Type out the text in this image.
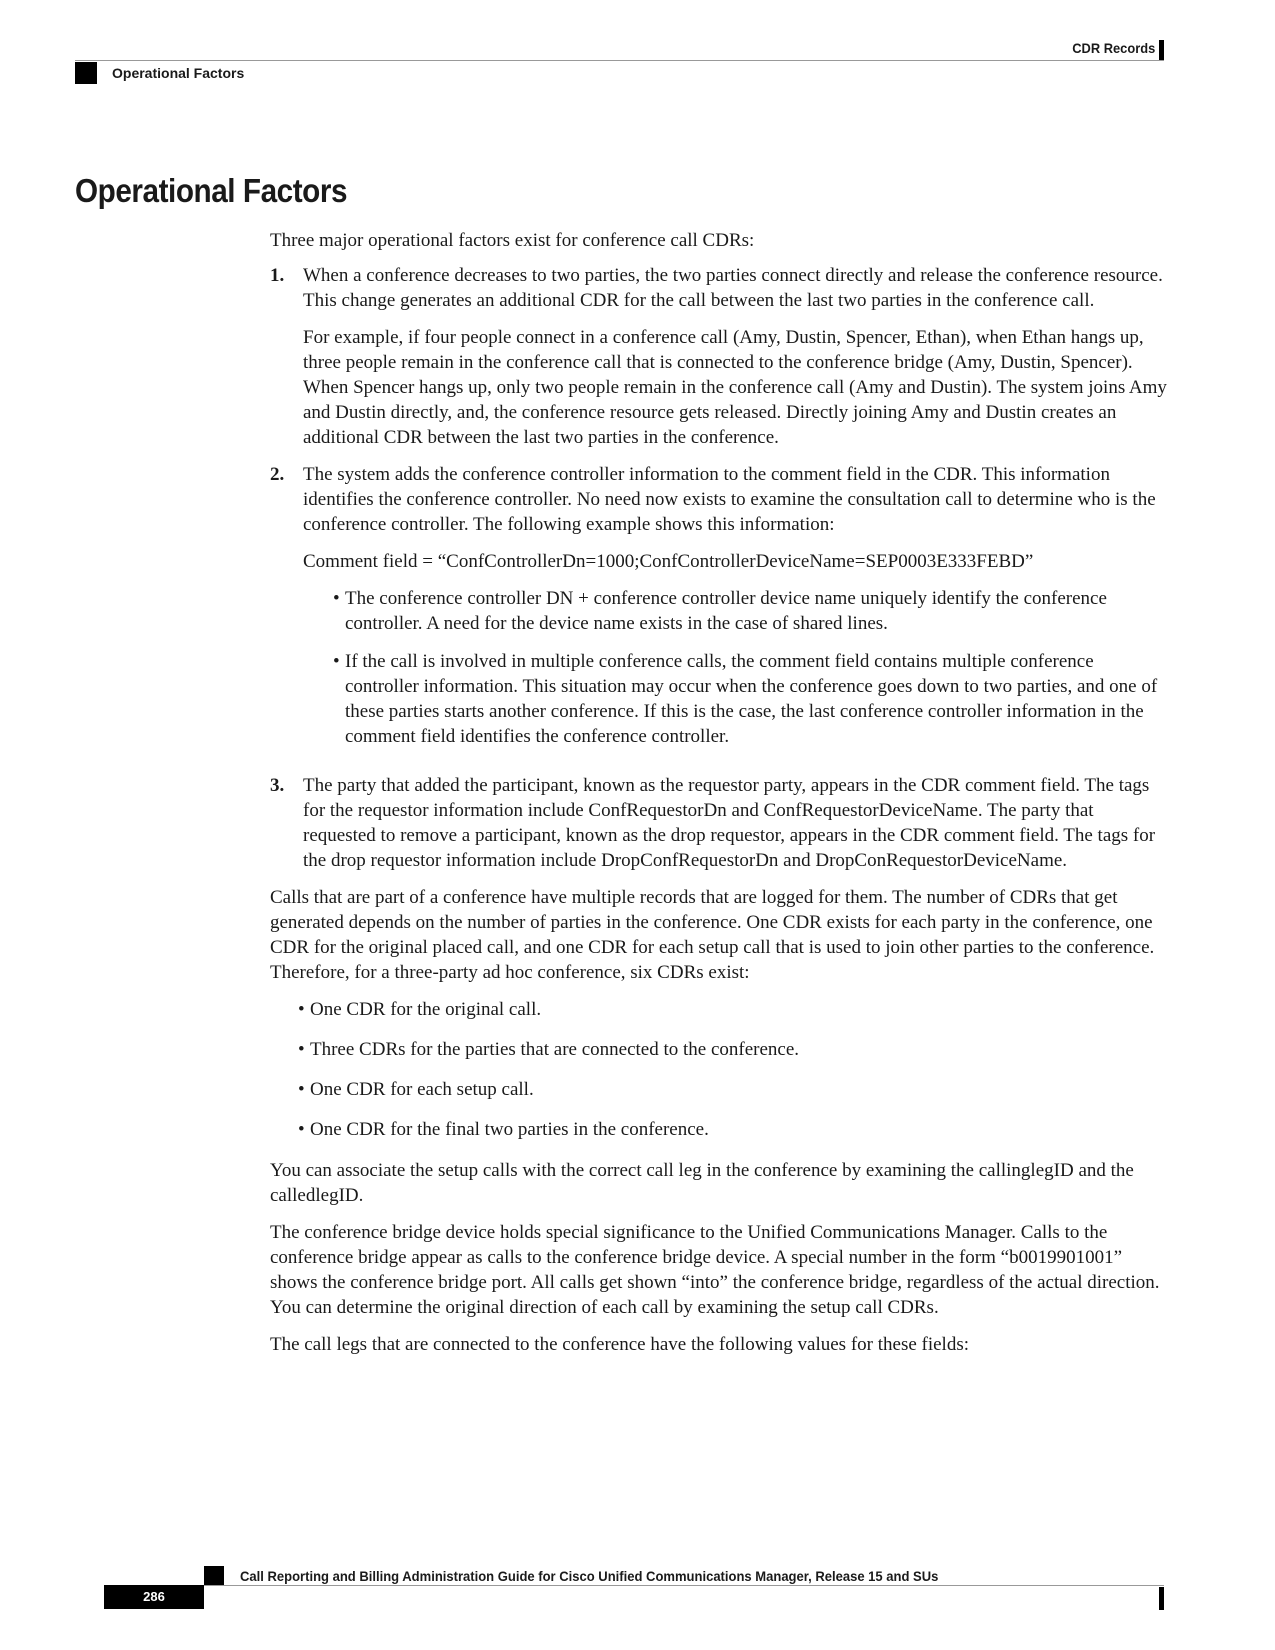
CDR Records
Operational Factors
Operational Factors

Three major operational factors exist for conference call CDRs:

1. When a conference decreases to two parties, the two parties connect directly and release the conference resource. This change generates an additional CDR for the call between the last two parties in the conference call.

For example, if four people connect in a conference call (Amy, Dustin, Spencer, Ethan), when Ethan hangs up, three people remain in the conference call that is connected to the conference bridge (Amy, Dustin, Spencer). When Spencer hangs up, only two people remain in the conference call (Amy and Dustin). The system joins Amy and Dustin directly, and, the conference resource gets released. Directly joining Amy and Dustin creates an additional CDR between the last two parties in the conference.

2. The system adds the conference controller information to the comment field in the CDR. This information identifies the conference controller. No need now exists to examine the consultation call to determine who is the conference controller. The following example shows this information:

Comment field = “ConfControllerDn=1000;ConfControllerDeviceName=SEP0003E333FEBD”

• The conference controller DN + conference controller device name uniquely identify the conference controller. A need for the device name exists in the case of shared lines.
• If the call is involved in multiple conference calls, the comment field contains multiple conference controller information. This situation may occur when the conference goes down to two parties, and one of these parties starts another conference. If this is the case, the last conference controller information in the comment field identifies the conference controller.
3. The party that added the participant, known as the requestor party, appears in the CDR comment field. The tags for the requestor information include ConfRequestorDn and ConfRequestorDeviceName. The party that requested to remove a participant, known as the drop requestor, appears in the CDR comment field. The tags for the drop requestor information include DropConfRequestorDn and DropConRequestorDeviceName.

Calls that are part of a conference have multiple records that are logged for them. The number of CDRs that get generated depends on the number of parties in the conference. One CDR exists for each party in the conference, one CDR for the original placed call, and one CDR for each setup call that is used to join other parties to the conference. Therefore, for a three-party ad hoc conference, six CDRs exist:

• One CDR for the original call.
• Three CDRs for the parties that are connected to the conference.
• One CDR for each setup call.
• One CDR for the final two parties in the conference.

You can associate the setup calls with the correct call leg in the conference by examining the callinglegID and the calledlegID.

The conference bridge device holds special significance to the Unified Communications Manager. Calls to the conference bridge appear as calls to the conference bridge device. A special number in the form “b0019901001” shows the conference bridge port. All calls get shown “into” the conference bridge, regardless of the actual direction. You can determine the original direction of each call by examining the setup call CDRs.

The call legs that are connected to the conference have the following values for these fields:

Call Reporting and Billing Administration Guide for Cisco Unified Communications Manager, Release 15 and SUs
286
